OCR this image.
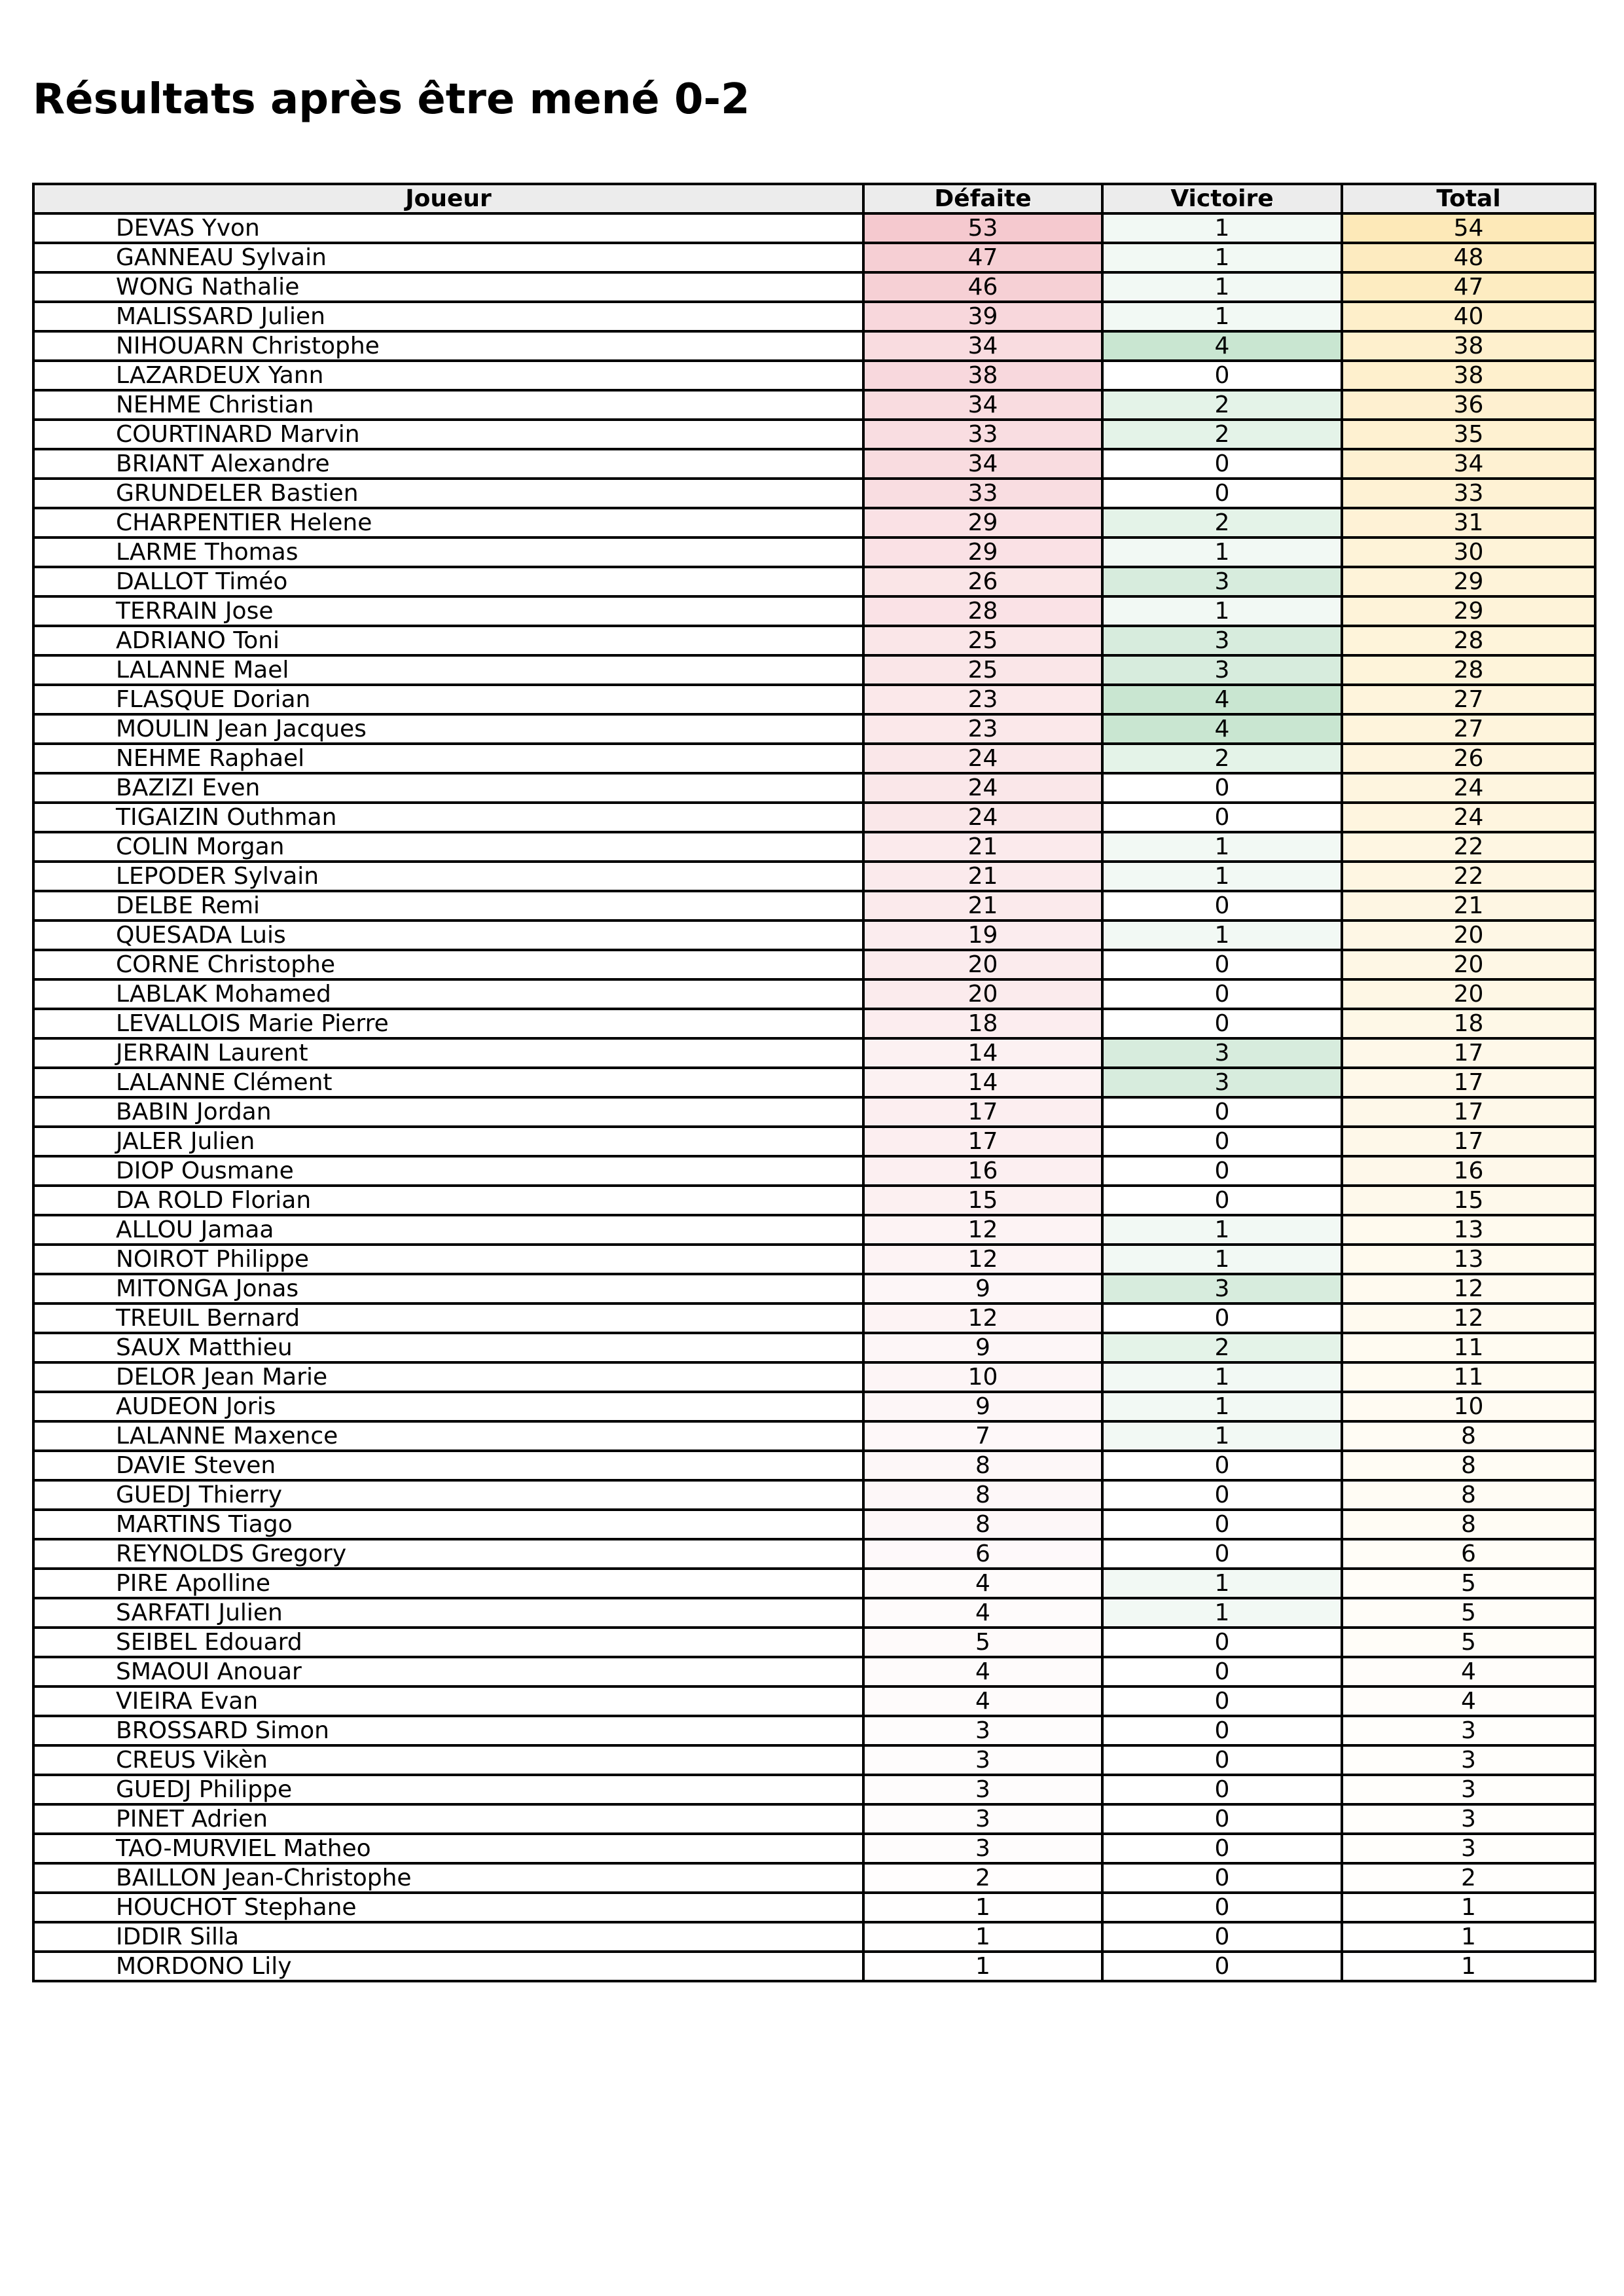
Résultats après être mené 0-2
Joueur	Défaite	Victoire	Total
DEVAS Yvon	53	1	54
GANNEAU Sylvain	47	1	48
WONG Nathalie	46	1	47
MALISSARD Julien	39	1	40
NIHOUARN Christophe	34	4	38
LAZARDEUX Yann	38	0	38
NEHME Christian	34	2	36
COURTINARD Marvin	33	2	35
BRIANT Alexandre	34	0	34
GRUNDELER Bastien	33	0	33
CHARPENTIER Helene	29	2	31
LARME Thomas	29	1	30
DALLOT Timéo	26	3	29
TERRAIN Jose	28	1	29
ADRIANO Toni	25	3	28
LALANNE Mael	25	3	28
FLASQUE Dorian	23	4	27
MOULIN Jean Jacques	23	4	27
NEHME Raphael	24	2	26
BAZIZI Even	24	0	24
TIGAIZIN Outhman	24	0	24
COLIN Morgan	21	1	22
LEPODER Sylvain	21	1	22
DELBE Remi	21	0	21
QUESADA Luis	19	1	20
CORNE Christophe	20	0	20
LABLAK Mohamed	20	0	20
LEVALLOIS Marie Pierre	18	0	18
JERRAIN Laurent	14	3	17
LALANNE Clément	14	3	17
BABIN Jordan	17	0	17
JALER Julien	17	0	17
DIOP Ousmane	16	0	16
DA ROLD Florian	15	0	15
ALLOU Jamaa	12	1	13
NOIROT Philippe	12	1	13
MITONGA Jonas	9	3	12
TREUIL Bernard	12	0	12
SAUX Matthieu	9	2	11
DELOR Jean Marie	10	1	11
AUDEON Joris	9	1	10
LALANNE Maxence	7	1	8
DAVIE Steven	8	0	8
GUEDJ Thierry	8	0	8
MARTINS Tiago	8	0	8
REYNOLDS Gregory	6	0	6
PIRE Apolline	4	1	5
SARFATI Julien	4	1	5
SEIBEL Edouard	5	0	5
SMAOUI Anouar	4	0	4
VIEIRA Evan	4	0	4
BROSSARD Simon	3	0	3
CREUS Vikèn	3	0	3
GUEDJ Philippe	3	0	3
PINET Adrien	3	0	3
TAO-MURVIEL Matheo	3	0	3
BAILLON Jean-Christophe	2	0	2
HOUCHOT Stephane	1	0	1
IDDIR Silla	1	0	1
MORDONO Lily	1	0	1
